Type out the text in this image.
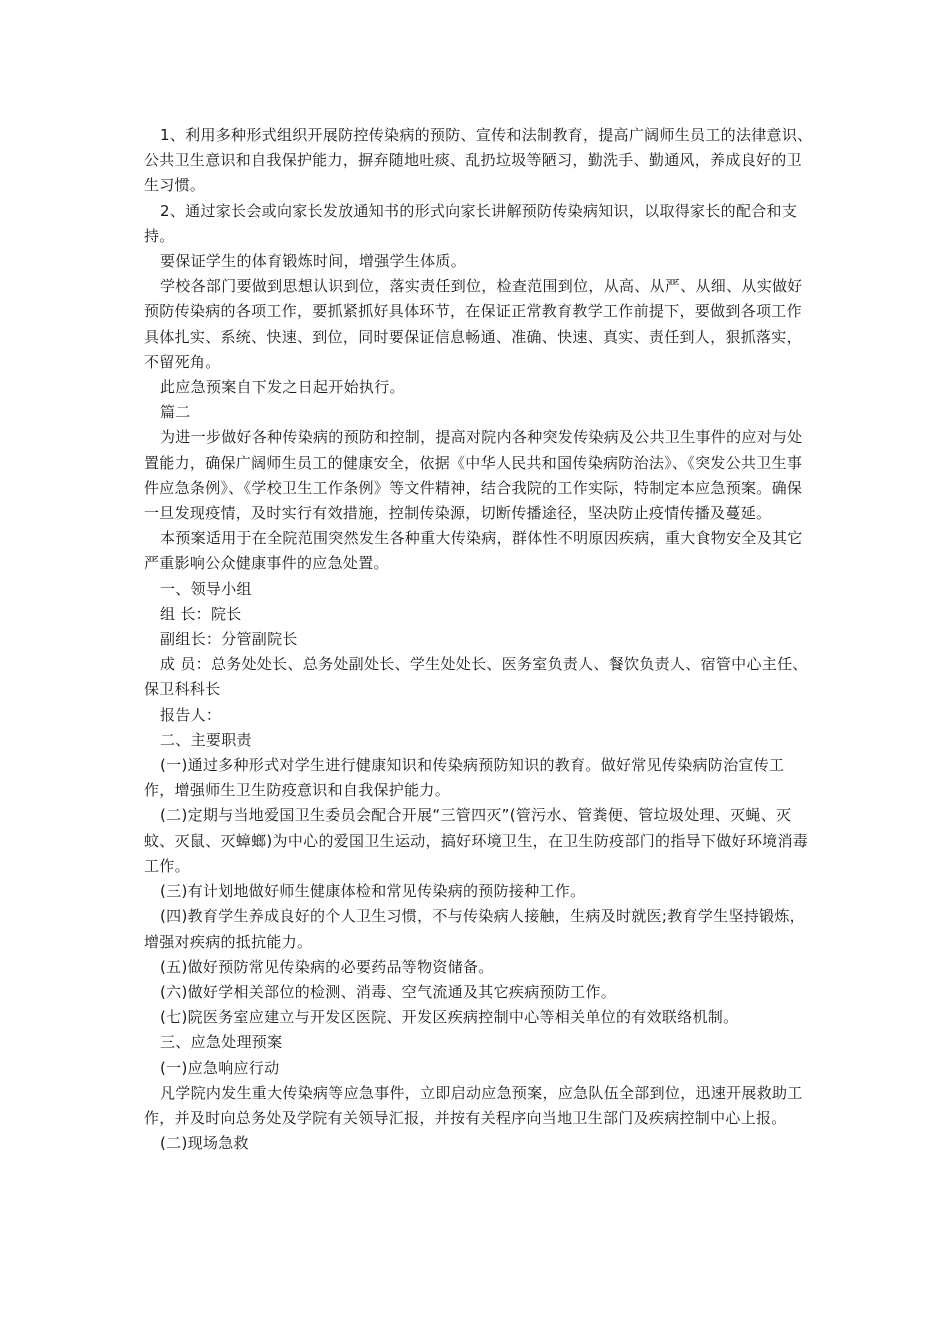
1、利用多种形式组织开展防控传染病的预防、宣传和法制教育，提高广阔师生员工的法律意识、公共卫生意识和自我保护能力，摒弃随地吐痰、乱扔垃圾等陋习，勤洗手、勤通风，养成良好的卫生习惯。

2、通过家长会或向家长发放通知书的形式向家长讲解预防传染病知识，以取得家长的配合和支持。

要保证学生的体育锻炼时间，增强学生体质。

学校各部门要做到思想认识到位，落实责任到位，检查范围到位，从高、从严、从细、从实做好预防传染病的各项工作，要抓紧抓好具体环节，在保证正常教育教学工作前提下，要做到各项工作具体扎实、系统、快速、到位，同时要保证信息畅通、准确、快速、真实、责任到人，狠抓落实，不留死角。

此应急预案自下发之日起开始执行。

篇二

为进一步做好各种传染病的预防和控制，提高对院内各种突发传染病及公共卫生事件的应对与处置能力，确保广阔师生员工的健康安全，依据《中华人民共和国传染病防治法》、《突发公共卫生事件应急条例》、《学校卫生工作条例》等文件精神，结合我院的工作实际，特制定本应急预案。确保一旦发现疫情，及时实行有效措施，控制传染源，切断传播途径，坚决防止疫情传播及蔓延。

本预案适用于在全院范围突然发生各种重大传染病，群体性不明原因疾病，重大食物安全及其它严重影响公众健康事件的应急处置。

一、领导小组

组 长：院长

副组长：分管副院长

成 员：总务处处长、总务处副处长、学生处处长、医务室负责人、餐饮负责人、宿管中心主任、保卫科科长

报告人：

二、主要职责

(一)通过多种形式对学生进行健康知识和传染病预防知识的教育。做好常见传染病防治宣传工作，增强师生卫生防疫意识和自我保护能力。

(二)定期与当地爱国卫生委员会配合开展“三管四灭”(管污水、管粪便、管垃圾处理、灭蝇、灭蚊、灭鼠、灭蟑螂)为中心的爱国卫生运动，搞好环境卫生，在卫生防疫部门的指导下做好环境消毒工作。

(三)有计划地做好师生健康体检和常见传染病的预防接种工作。

(四)教育学生养成良好的个人卫生习惯，不与传染病人接触，生病及时就医;教育学生坚持锻炼，增强对疾病的抵抗能力。

(五)做好预防常见传染病的必要药品等物资储备。

(六)做好学相关部位的检测、消毒、空气流通及其它疾病预防工作。

(七)院医务室应建立与开发区医院、开发区疾病控制中心等相关单位的有效联络机制。

三、应急处理预案

(一)应急响应行动

凡学院内发生重大传染病等应急事件，立即启动应急预案，应急队伍全部到位，迅速开展救助工作，并及时向总务处及学院有关领导汇报，并按有关程序向当地卫生部门及疾病控制中心上报。

(二)现场急救
